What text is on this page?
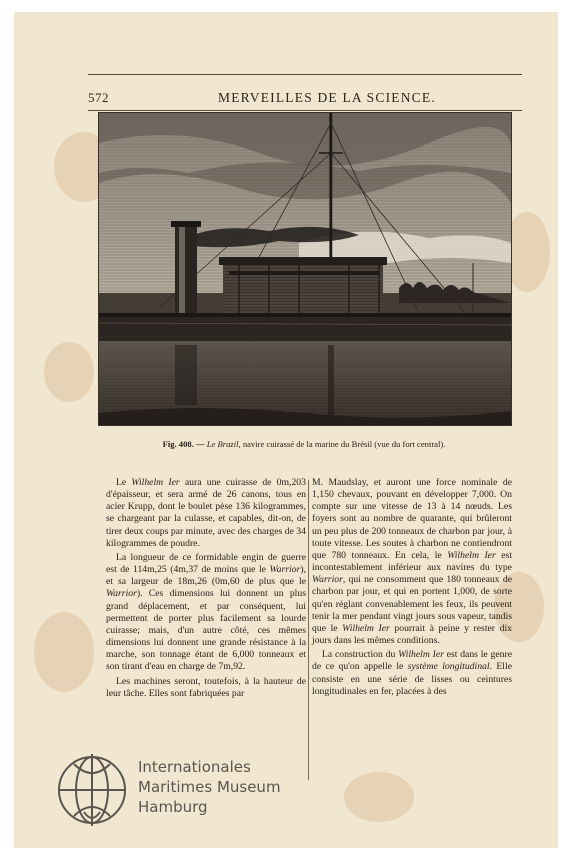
572	MERVEILLES DE LA SCIENCE.
Fig. 408. — Le Brazil, navire cuirassé de la marine du Brésil (vue du fort central).

Le Wilhelm Ier aura une cuirasse de 0m,203 d'épaisseur, et sera armé de 26 canons, tous en acier Krupp, dont le boulet pèse 136 kilogrammes, se chargeant par la culasse, et capables, dit-on, de tirer deux coups par minute, avec des charges de 34 kilogrammes de poudre.

La longueur de ce formidable engin de guerre est de 114m,25 (4m,37 de moins que le Warrior), et sa largeur de 18m,26 (0m,60 de plus que le Warrior). Ces dimensions lui donnent un plus grand déplacement, et par conséquent, lui permettent de porter plus facilement sa lourde cuirasse; mais, d'un autre côté, ces mêmes dimensions lui donnent une grande résistance à la marche, son tonnage étant de 6,000 tonneaux et son tirant d'eau en charge de 7m,92.

Les machines seront, toutefois, à la hauteur de leur tâche. Elles sont fabriquées par

M. Maudslay, et auront une force nominale de 1,150 chevaux, pouvant en développer 7,000. On compte sur une vitesse de 13 à 14 nœuds. Les foyers sont au nombre de quarante, qui brûleront un peu plus de 200 tonneaux de charbon par jour, à toute vitesse. Les soutes à charbon ne contiendront que 780 tonneaux. En cela, le Wilhelm Ier est incontestablement inférieur aux navires du type Warrior, qui ne consomment que 180 tonneaux de charbon par jour, et qui en portent 1,000, de sorte qu'en réglant convenablement les feux, ils peuvent tenir la mer pendant vingt jours sous vapeur, tandis que le Wilhelm Ier pourrait à peine y rester dix jours dans les mêmes conditions.

La construction du Wilhelm Ier est dans le genre de ce qu'on appelle le système longitudinal. Elle consiste en une série de lisses ou ceintures longitudinales en fer, placées à des

Internationales
Maritimes Museum
Hamburg
